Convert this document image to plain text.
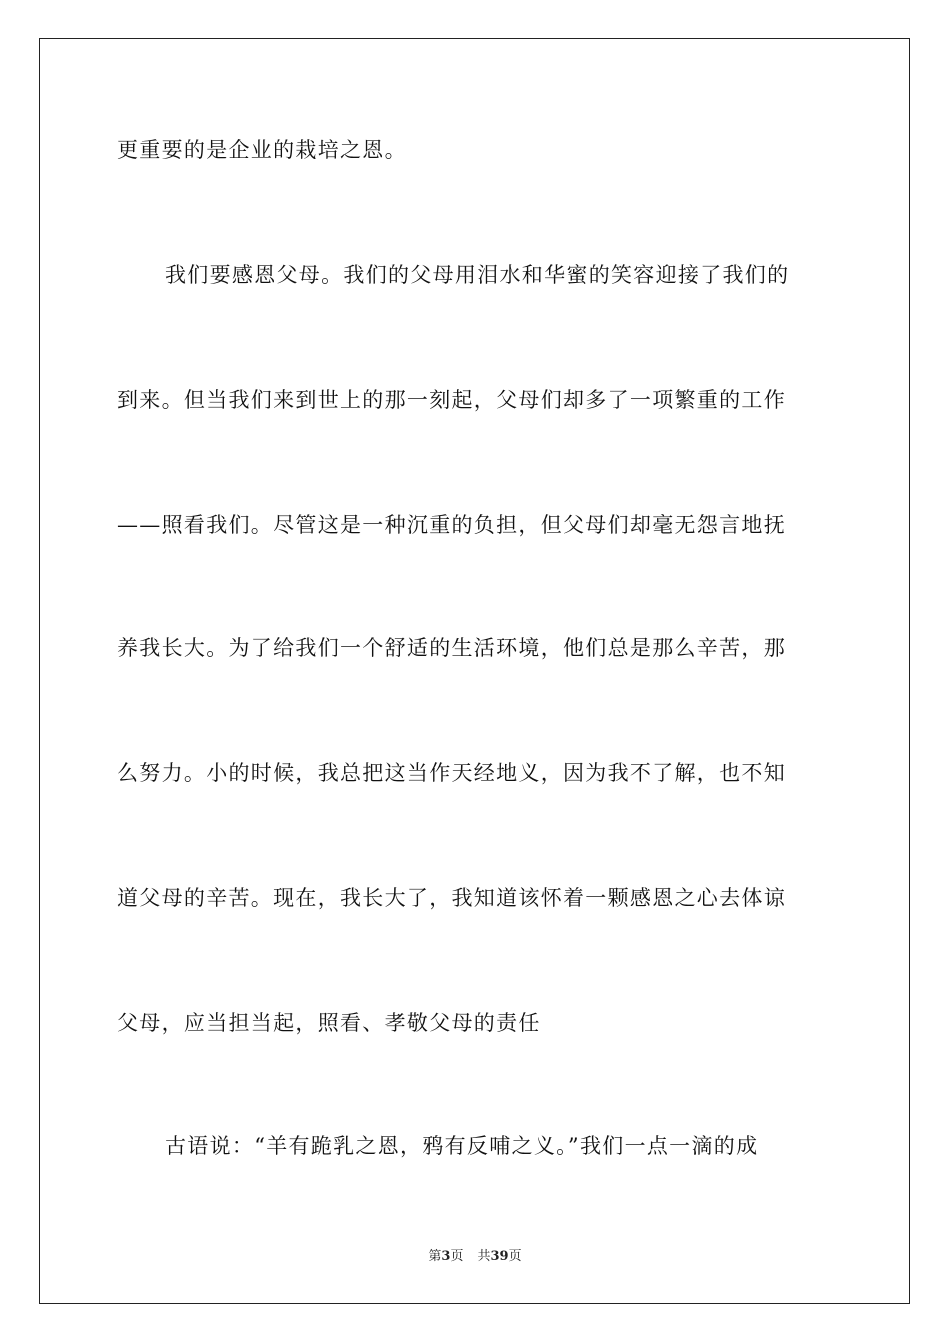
更重要的是企业的栽培之恩。
我们要感恩父母。我们的父母用泪水和华蜜的笑容迎接了我们的
到来。但当我们来到世上的那一刻起，父母们却多了一项繁重的工作
——照看我们。尽管这是一种沉重的负担，但父母们却毫无怨言地抚
养我长大。为了给我们一个舒适的生活环境，他们总是那么辛苦，那
么努力。小的时候，我总把这当作天经地义，因为我不了解，也不知
道父母的辛苦。现在，我长大了，我知道该怀着一颗感恩之心去体谅
父母，应当担当起，照看、孝敬父母的责任
古语说：“羊有跪乳之恩，鸦有反哺之义。”我们一点一滴的成
第3页 共39页
